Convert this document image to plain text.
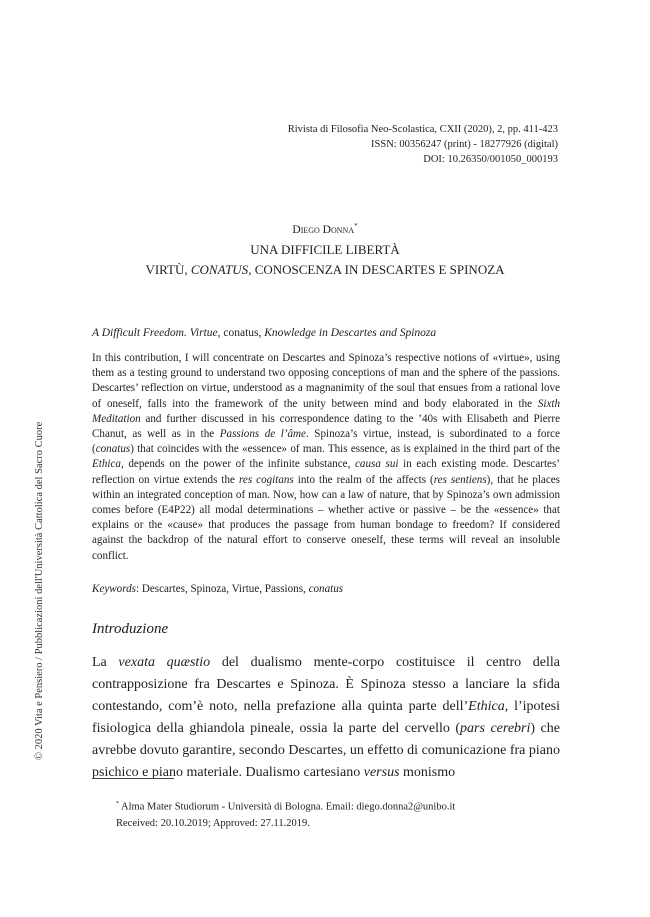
© 2020 Vita e Pensiero / Pubblicazioni dell'Università Cattolica del Sacro Cuore
Rivista di Filosofia Neo-Scolastica, CXII (2020), 2, pp. 411-423
ISSN: 00356247 (print) - 18277926 (digital)
DOI: 10.26350/001050_000193
Diego Donna*
UNA DIFFICILE LIBERTÀ
VIRTÙ, CONATUS, CONOSCENZA IN DESCARTES E SPINOZA
A Difficult Freedom. Virtue, conatus, Knowledge in Descartes and Spinoza
In this contribution, I will concentrate on Descartes and Spinoza’s respective notions of «virtue», using them as a testing ground to understand two opposing conceptions of man and the sphere of the passions. Descartes’ reflection on virtue, understood as a magnanimity of the soul that ensues from a rational love of oneself, falls into the framework of the unity between mind and body elaborated in the Sixth Meditation and further discussed in his correspondence dating to the ’40s with Elisabeth and Pierre Chanut, as well as in the Passions de l’âme. Spinoza’s virtue, instead, is subordinated to a force (conatus) that coincides with the «essence» of man. This essence, as is explained in the third part of the Ethica, depends on the power of the infinite substance, causa sui in each existing mode. Descartes’ reflection on virtue extends the res cogitans into the realm of the affects (res sentiens), that he places within an integrated conception of man. Now, how can a law of nature, that by Spinoza’s own admission comes before (E4P22) all modal determinations – whether active or passive – be the «essence» that explains or the «cause» that produces the passage from human bondage to freedom? If considered against the backdrop of the natural effort to conserve oneself, these terms will reveal an insoluble conflict.
Keywords: Descartes, Spinoza, Virtue, Passions, conatus
Introduzione
La vexata quæstio del dualismo mente-corpo costituisce il centro della contrapposizione fra Descartes e Spinoza. È Spinoza stesso a lanciare la sfida contestando, com’è noto, nella prefazione alla quinta parte dell’Ethica, l’ipotesi fisiologica della ghiandola pineale, ossia la parte del cervello (pars cerebri) che avrebbe dovuto garantire, secondo Descartes, un effetto di comunicazione fra piano psichico e piano materiale. Dualismo cartesiano versus monismo
* Alma Mater Studiorum - Università di Bologna. Email: diego.donna2@unibo.it
Received: 20.10.2019; Approved: 27.11.2019.
